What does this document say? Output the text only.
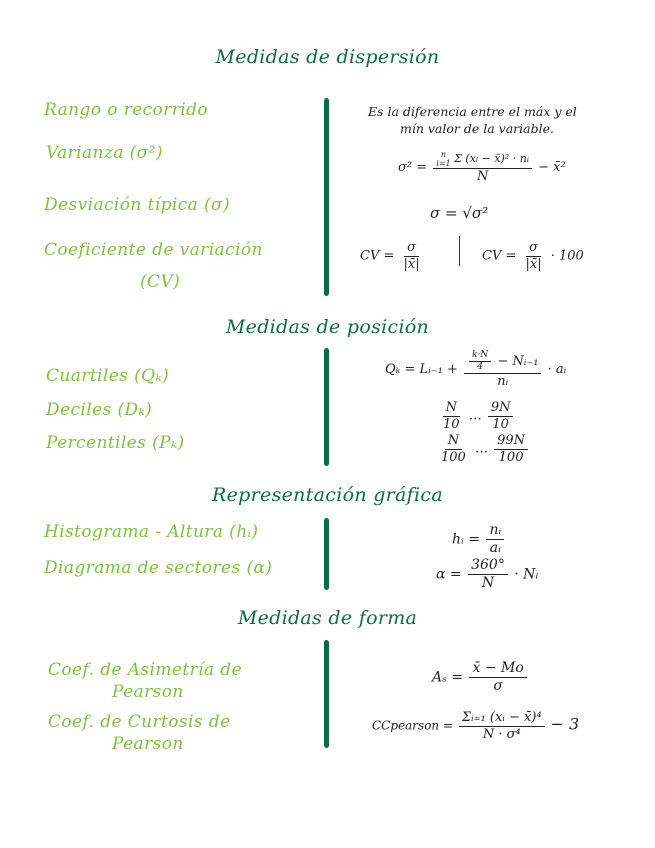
Medidas de dispersión
Rango o recorrido
Varianza (σ²)
Desviación típica (σ)
Coeficiente de variación
(CV)
Es la diferencia entre el máx y el
mín valor de la variable.
σ² = n
i=1 Σ (xᵢ − x̄)² · nᵢ
N − x̄²
σ = √σ²
CV = $\frac{\sigma}{|x̄|}$	CV = $\frac{\sigma}{|x̄|} \cdot 100$
Medidas de posición
Cuartiles (Qₖ)
Deciles (Dₖ)
Percentiles (Pₖ)
Qₖ = Lᵢ₋₁ + $\frac{\frac{k\cdot N}{4} - Nᵢ_{-1}}{\text{nᵢ}}$ · aᵢ
$\frac{N}{10}$ … $\frac{9N}{10}$
$\frac{N}{100}$ … $\frac{99N}{100}$
Representación gráfica
Histograma - Altura (hᵢ)
Diagrama de sectores (α)
hᵢ = $\frac{\text{nᵢ}}{\text{aᵢ}}$
$\alpha = \frac{360^\circ}{N}$ · Nᵢ
Medidas de forma
Coef. de Asimetría de
Pearson
Coef. de Curtosis de
Pearson
$A_s = \frac{x̄ - Mo}{\sigma}$
CCpearson = $\frac{\text{Σᵢ₌₁ (xᵢ − x̄)⁴}}{\text{N · σ⁴}} - 3$
